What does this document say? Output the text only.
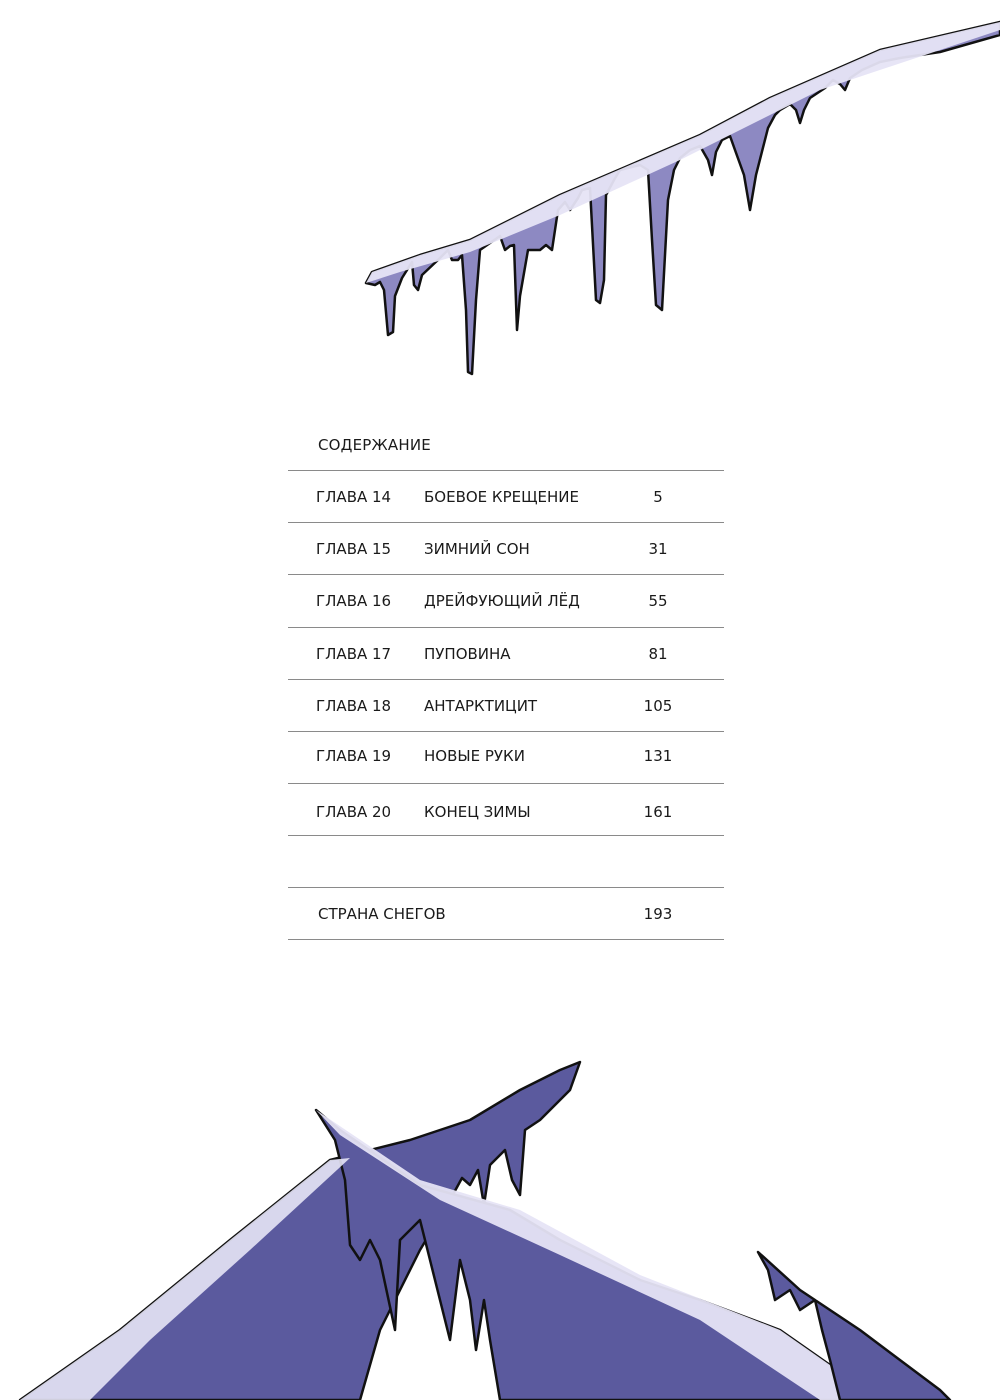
СОДЕРЖАНИЕ
ГЛАВА 14 БОЕВОЕ КРЕЩЕНИЕ	5
ГЛАВА 15 ЗИМНИЙ СОН	31
ГЛАВА 16 ДРЕЙФУЮЩИЙ ЛЁД	55
ГЛАВА 17 ПУПОВИНА	81
ГЛАВА 18 АНТАРКТИЦИТ	105
ГЛАВА 19 НОВЫЕ РУКИ	131
ГЛАВА 20 КОНЕЦ ЗИМЫ	161
СТРАНА СНЕГОВ	193
